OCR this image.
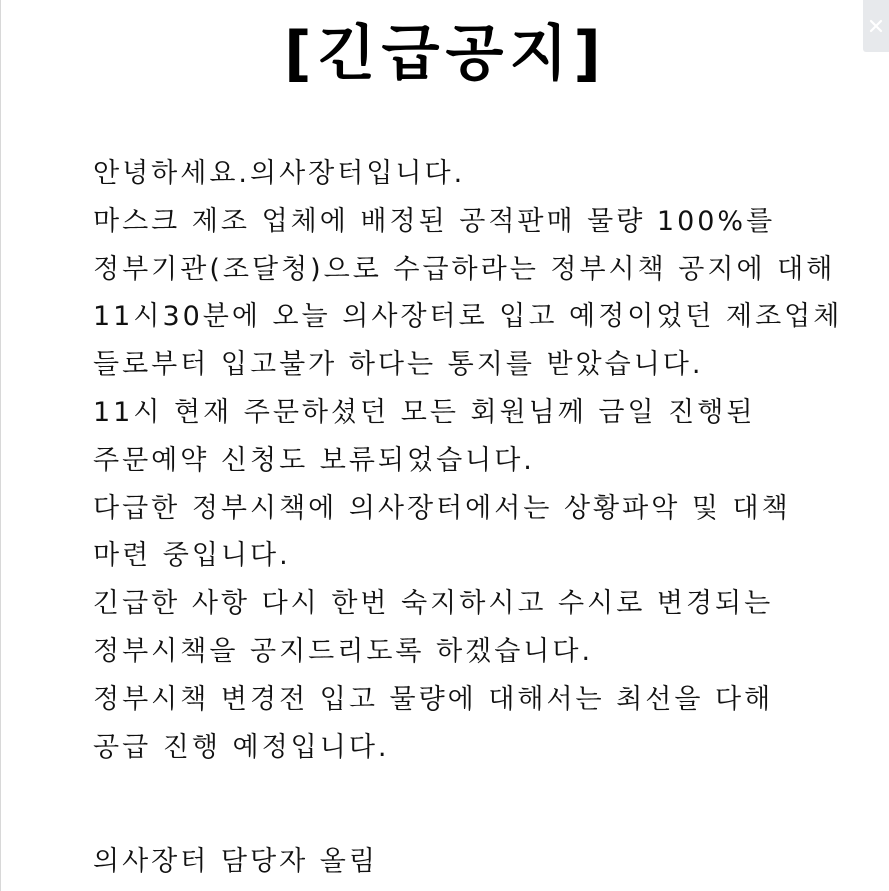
[긴급공지]
안녕하세요.의사장터입니다.
마스크 제조 업체에 배정된 공적판매 물량 100%를
정부기관(조달청)으로 수급하라는 정부시책 공지에 대해
11시30분에 오늘 의사장터로 입고 예정이었던 제조업체
들로부터 입고불가 하다는 통지를 받았습니다.
11시 현재 주문하셨던 모든 회원님께 금일 진행된
주문예약 신청도 보류되었습니다.
다급한 정부시책에 의사장터에서는 상황파악 및 대책
마련 중입니다.
긴급한 사항 다시 한번 숙지하시고 수시로 변경되는
정부시책을 공지드리도록 하겠습니다.
정부시책 변경전 입고 물량에 대해서는 최선을 다해
공급 진행 예정입니다.

의사장터 담당자 올림
